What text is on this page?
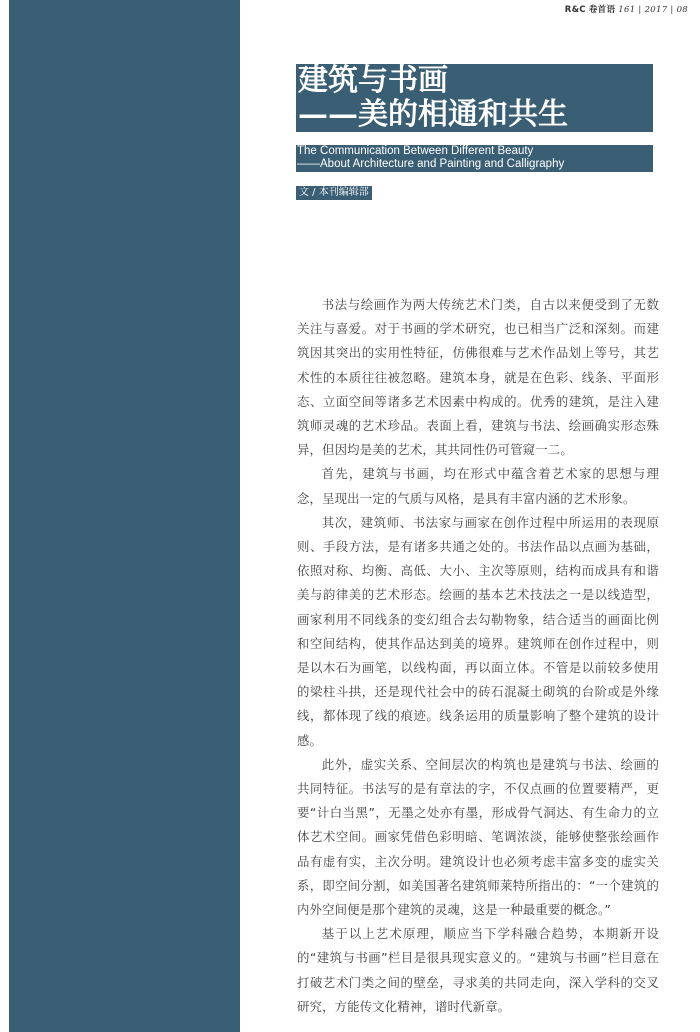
R&C 卷首语 161 | 2017 | 08
建筑与书画
——美的相通和共生
The Communication Between Different Beauty
——About Architecture and Painting and Calligraphy
文 / 本刊编辑部

书法与绘画作为两大传统艺术门类，自古以来便受到了无数关注与喜爱。对于书画的学术研究，也已相当广泛和深刻。而建筑因其突出的实用性特征，仿佛很难与艺术作品划上等号，其艺术性的本质往往被忽略。建筑本身，就是在色彩、线条、平面形态、立面空间等诸多艺术因素中构成的。优秀的建筑，是注入建筑师灵魂的艺术珍品。表面上看，建筑与书法、绘画确实形态殊异，但因均是美的艺术，其共同性仍可管窥一二。

首先，建筑与书画，均在形式中蕴含着艺术家的思想与理念，呈现出一定的气质与风格，是具有丰富内涵的艺术形象。

其次，建筑师、书法家与画家在创作过程中所运用的表现原则、手段方法，是有诸多共通之处的。书法作品以点画为基础，依照对称、均衡、高低、大小、主次等原则，结构而成具有和谐美与韵律美的艺术形态。绘画的基本艺术技法之一是以线造型，画家利用不同线条的变幻组合去勾勒物象，结合适当的画面比例和空间结构，使其作品达到美的境界。建筑师在创作过程中，则是以木石为画笔，以线构面，再以面立体。不管是以前较多使用的梁柱斗拱，还是现代社会中的砖石混凝土砌筑的台阶或是外缘线，都体现了线的痕迹。线条运用的质量影响了整个建筑的设计感。

此外，虚实关系、空间层次的构筑也是建筑与书法、绘画的共同特征。书法写的是有章法的字，不仅点画的位置要精严，更要“计白当黑”，无墨之处亦有墨，形成骨气洞达、有生命力的立体艺术空间。画家凭借色彩明暗、笔调浓淡，能够使整张绘画作品有虚有实，主次分明。建筑设计也必须考虑丰富多变的虚实关系，即空间分割，如美国著名建筑师莱特所指出的：“一个建筑的内外空间便是那个建筑的灵魂，这是一种最重要的概念。”

基于以上艺术原理，顺应当下学科融合趋势，本期新开设的“建筑与书画”栏目是很具现实意义的。“建筑与书画”栏目意在打破艺术门类之间的壁垒，寻求美的共同走向，深入学科的交叉研究，方能传文化精神，谱时代新章。
